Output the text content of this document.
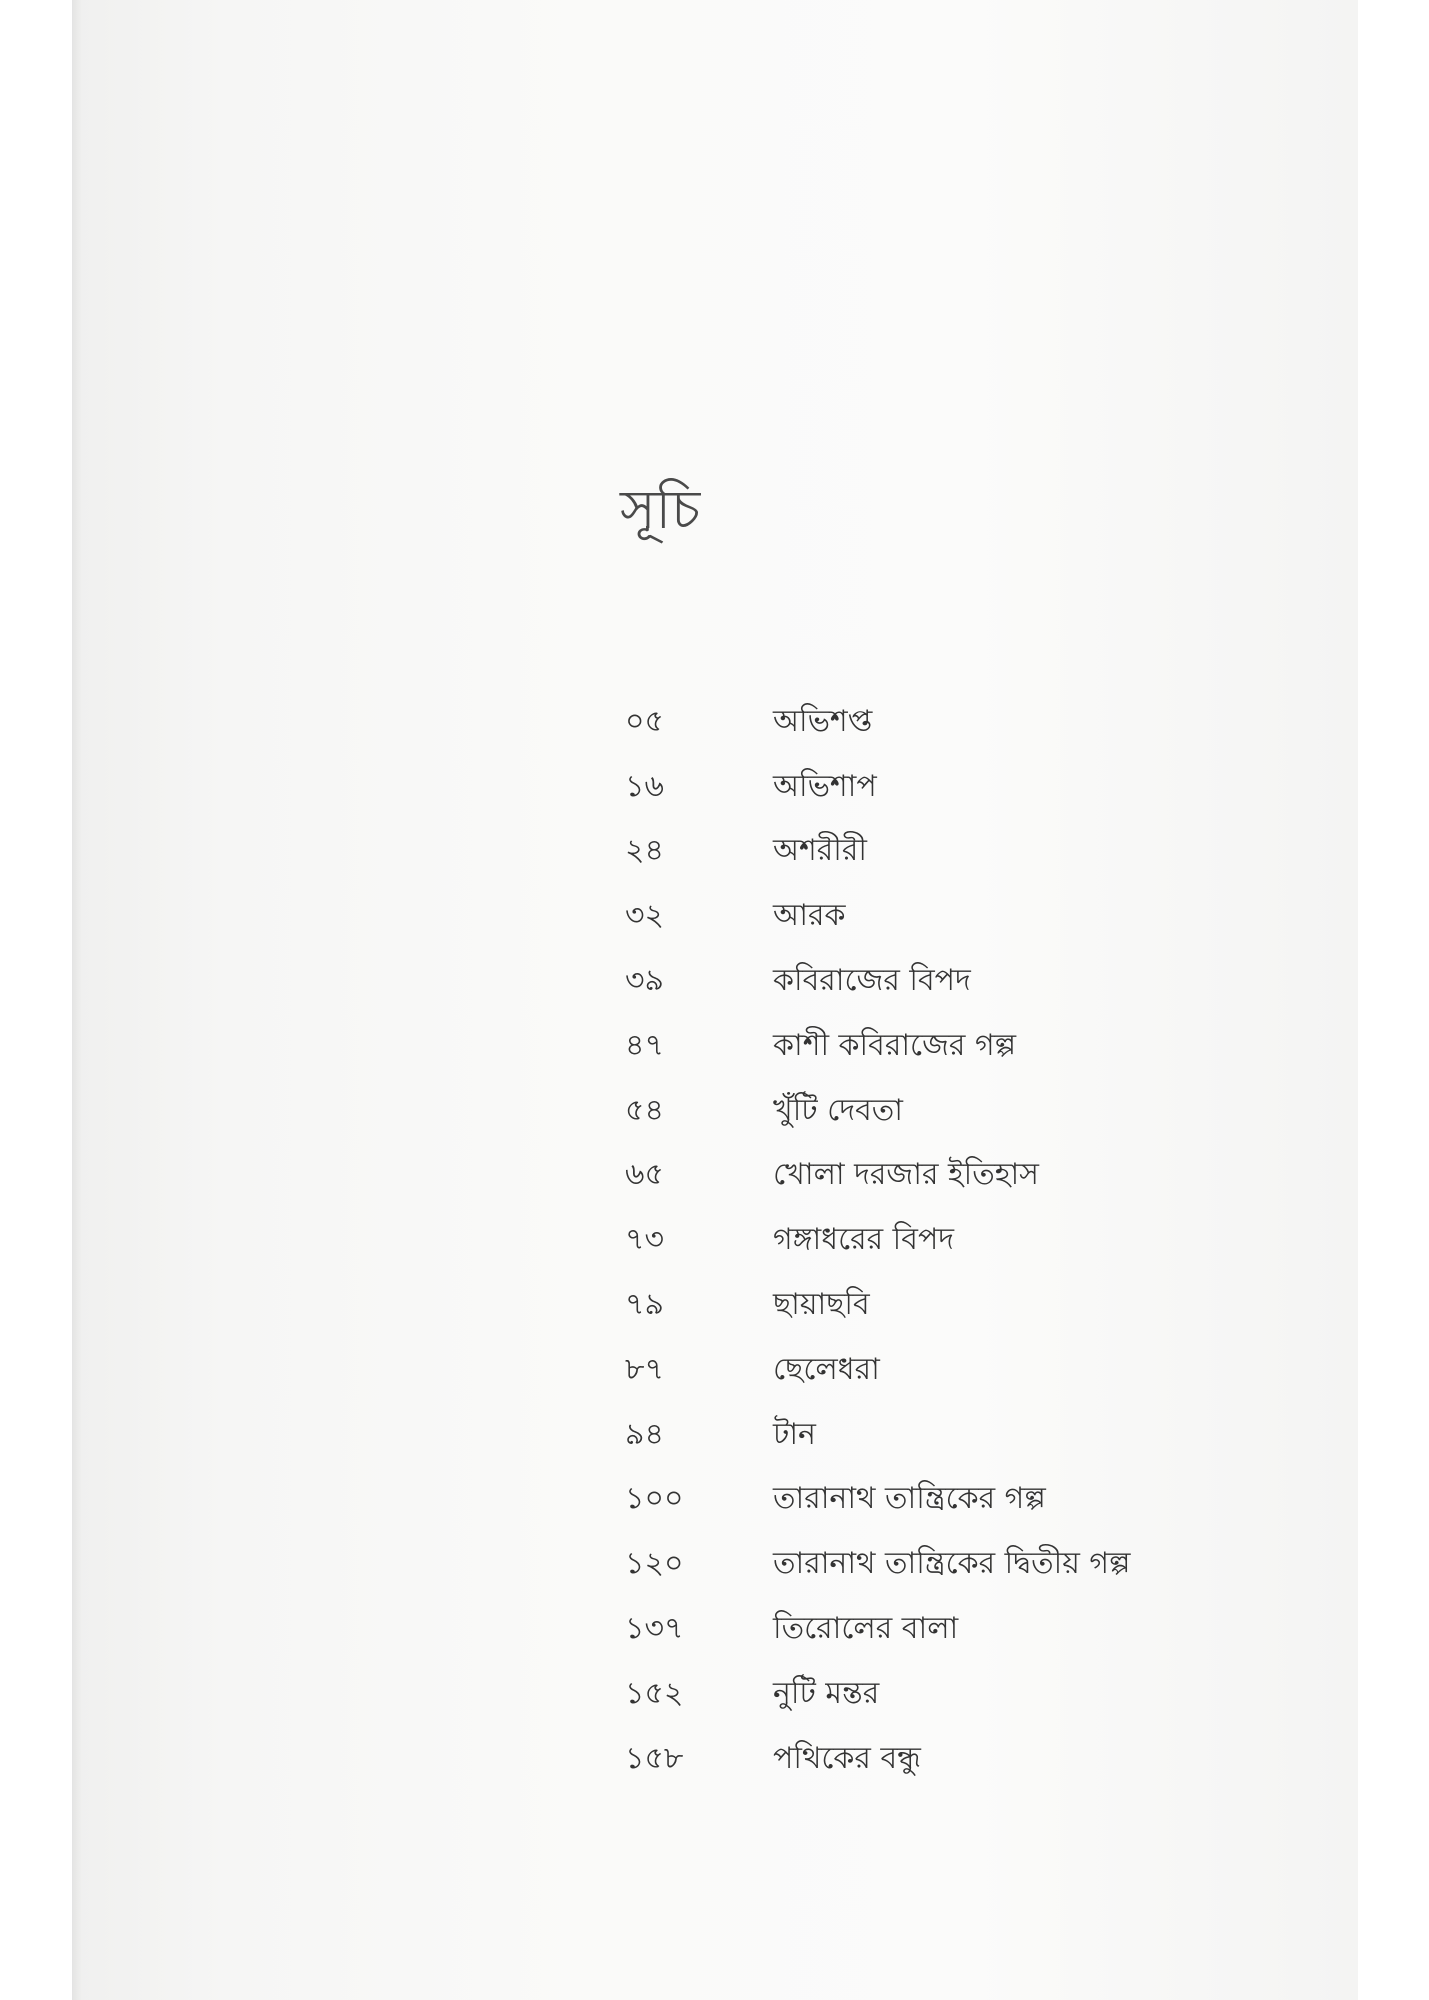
সূচি
০৫	অভিশপ্ত
১৬	অভিশাপ
২৪	অশরীরী
৩২	আরক
৩৯	কবিরাজের বিপদ
৪৭	কাশী কবিরাজের গল্প
৫৪	খুঁটি দেবতা
৬৫	খোলা দরজার ইতিহাস
৭৩	গঙ্গাধরের বিপদ
৭৯	ছায়াছবি
৮৭	ছেলেধরা
৯৪	টান
১০০	তারানাথ তান্ত্রিকের গল্প
১২০	তারানাথ তান্ত্রিকের দ্বিতীয় গল্প
১৩৭	তিরোলের বালা
১৫২	নুটি মন্তর
১৫৮	পথিকের বন্ধু
